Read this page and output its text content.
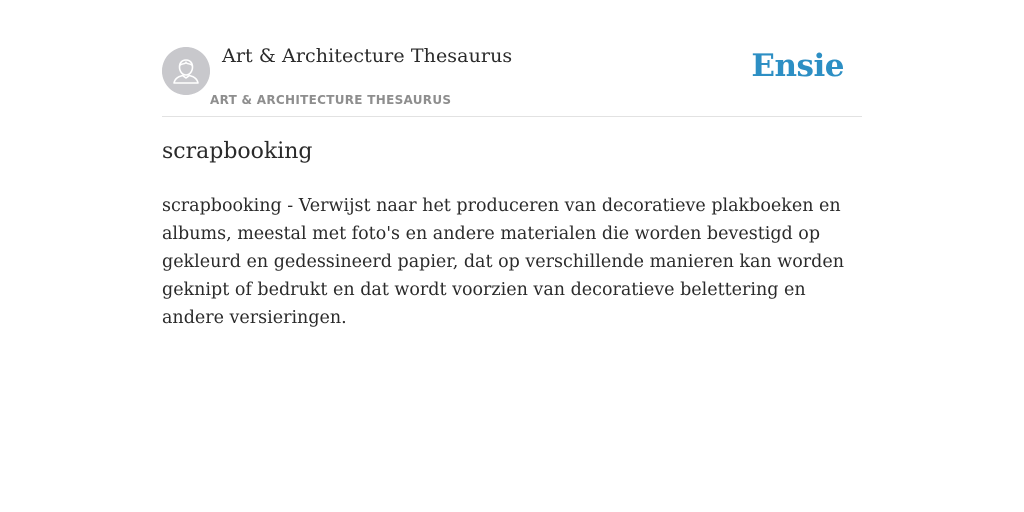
Art & Architecture Thesaurus
ART & ARCHITECTURE THESAURUS
Ensie
scrapbooking

scrapbooking - Verwijst naar het produceren van decoratieve plakboeken en albums, meestal met foto's en andere materialen die worden bevestigd op gekleurd en gedessineerd papier, dat op verschillende manieren kan worden geknipt of bedrukt en dat wordt voorzien van decoratieve belettering en andere versieringen.
